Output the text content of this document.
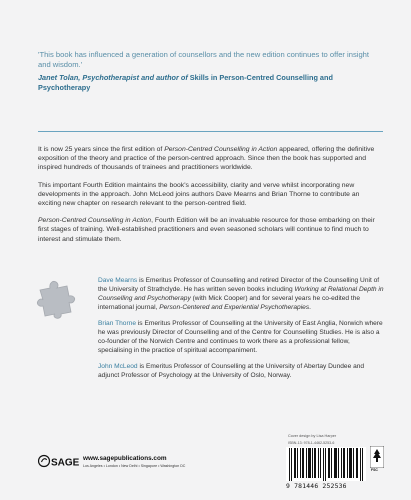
'This book has influenced a generation of counsellors and the new edition continues to offer insight and wisdom.'

Janet Tolan, Psychotherapist and author of Skills in Person-Centred Counselling and Psychotherapy

It is now 25 years since the first edition of Person-Centred Counselling in Action appeared, offering the definitive exposition of the theory and practice of the person-centred approach. Since then the book has supported and inspired hundreds of thousands of trainees and practitioners worldwide.

This important Fourth Edition maintains the book's accessibility, clarity and verve whilst incorporating new developments in the approach. John McLeod joins authors Dave Mearns and Brian Thorne to contribute an exciting new chapter on research relevant to the person-centred field.

Person-Centred Counselling in Action, Fourth Edition will be an invaluable resource for those embarking on their first stages of training. Well-established practitioners and even seasoned scholars will continue to find much to interest and stimulate them.

Dave Mearns is Emeritus Professor of Counselling and retired Director of the Counselling Unit of the University of Strathclyde. He has written seven books including Working at Relational Depth in Counselling and Psychotherapy (with Mick Cooper) and for several years he co-edited the international journal, Person-Centered and Experiential Psychotherapies.

Brian Thorne is Emeritus Professor of Counselling at the University of East Anglia, Norwich where he was previously Director of Counselling and of the Centre for Counselling Studies. He is also a co-founder of the Norwich Centre and continues to work there as a professional fellow, specialising in the practice of spiritual accompaniment.

John McLeod is Emeritus Professor of Counselling at the University of Abertay Dundee and adjunct Professor of Psychology at the University of Oslo, Norway.

Cover design by Lisa Harper
ISBN-13: 978-1-4462-5253-6
9 781446 252536
FSC
SAGE www.sagepublications.com
Los Angeles • London • New Delhi • Singapore • Washington DC
